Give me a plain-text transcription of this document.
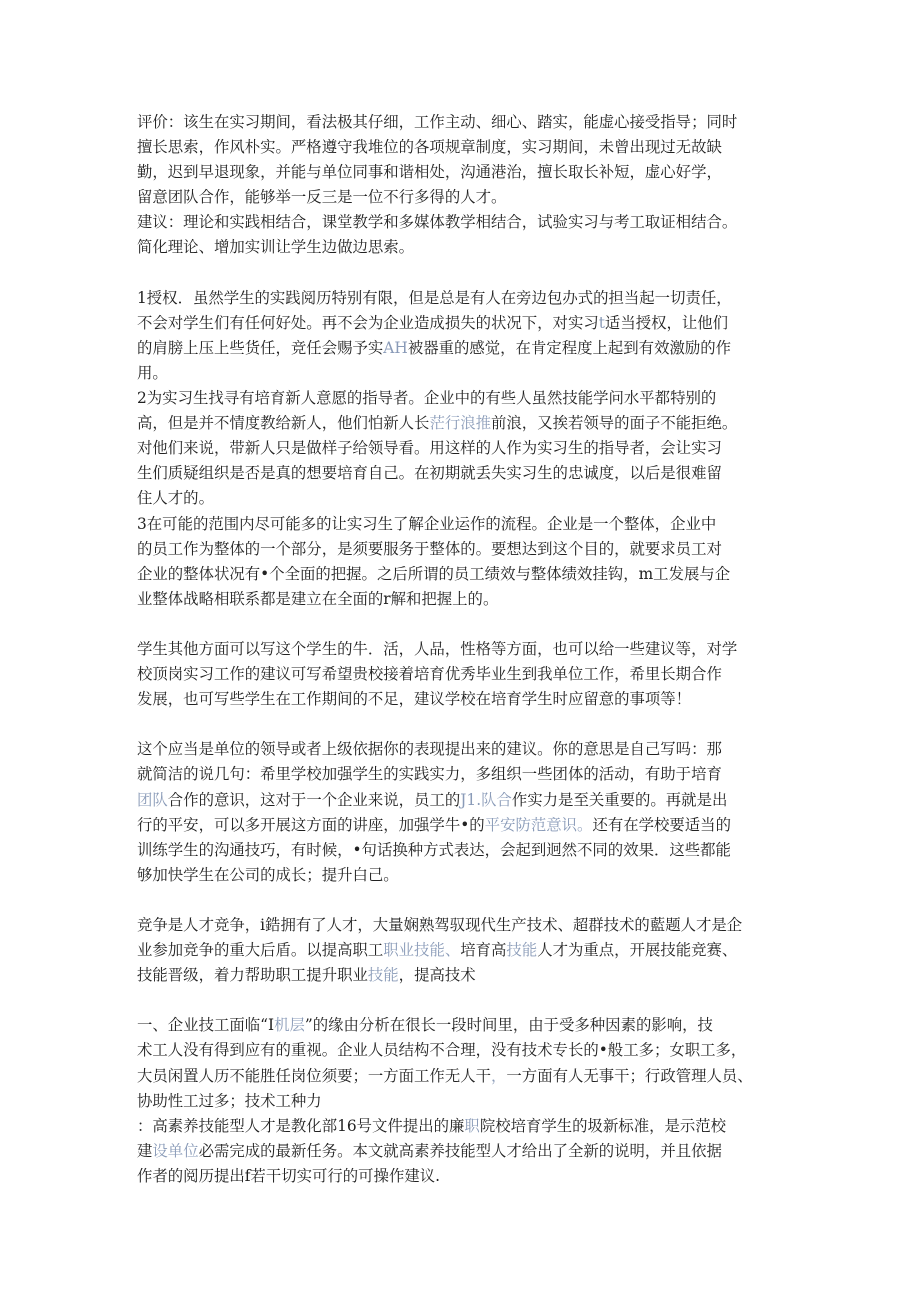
评价：该生在实习期间，看法极其仔细，工作主动、细心、踏实，能虚心接受指导；同时
擅长思索，作风朴实。严格遵守我堆位的各项规章制度，实习期间，未曾出现过无故缺
勤，迟到早退现象，并能与单位同事和谐相处，沟通港治，擅长取长补短，虚心好学，
留意团队合作，能够举一反三是一位不行多得的人才。
建议：理论和实践相结合，课堂教学和多媒体教学相结合，试验实习与考工取证相结合。
简化理论、增加实训让学生边做边思索。
1授权．虽然学生的实践阅历特别有限，但是总是有人在旁边包办式的担当起一切责任，
不会对学生们有任何好处。再不会为企业造成损失的状况下，对实习t适当授权，让他们
的肩膀上压上些货任，竞任会赐予实AH被器重的感觉，在肯定程度上起到有效激励的作
用。
2为实习生找寻有培育新人意愿的指导者。企业中的有些人虽然技能学问水平都特别的
高，但是并不情度教给新人，他们怕新人长茫行浪推前浪，又挨若领导的面子不能拒绝。
对他们来说，带新人只是做样子给领导看。用这样的人作为实习生的指导者，会让实习
生们质疑组织是否是真的想要培育自己。在初期就丢失实习生的忠诚度，以后是很难留
住人才的。
3在可能的范围内尽可能多的让实习生了解企业运作的流程。企业是一个整体，企业中
的员工作为整体的一个部分，是须要服务于整体的。要想达到这个目的，就要求员工对
企业的整体状况有•个全面的把握。之后所谓的员工绩效与整体绩效挂钩，m工发展与企
业整体战略相联系都是建立在全面的r解和把握上的。
学生其他方面可以写这个学生的牛．活，人品，性格等方面，也可以给一些建议等，对学
校顶岗实习工作的建议可写希望贵校接着培育优秀毕业生到我单位工作，希里长期合作
发展，也可写些学生在工作期间的不足，建议学校在培育学生时应留意的事项等！
这个应当是单位的领导或者上级依据你的表现提出来的建议。你的意思是自己写吗：那
就简洁的说几句：希里学校加强学生的实践实力，多组织一些团体的活动，有助于培育
团队合作的意识，这对于一个企业来说，员工的J1.队合作实力是至关重要的。再就是出
行的平安，可以多开展这方面的讲座，加强学牛•的平安防范意识。还有在学校要适当的
训练学生的沟通技巧，有时候，•句话换种方式表达，会起到迥然不同的效果．这些都能
够加快学生在公司的成长；提升白己。
竞争是人才竞争，i鋯拥有了人才，大量娴熟驾驭现代生产技术、超群技术的藍题人才是企
业参加竞争的重大后盾。以提高职工职业技能、培育高技能人才为重点，开展技能竞赛、
技能晋级，着力帮助职工提升职业技能，提高技术
一、企业技工面临“I机层”的缘由分析在很长一段时间里，由于受多种因素的影响，技
术工人没有得到应有的重视。企业人员结构不合理，没有技术专长的•般工多；女职工多，
大员闲置人历不能胜任岗位须要；一方面工作无人干，一方面有人无事干；行政管理人员、
协助性工过多；技术工种力
：高素养技能型人才是教化部16号文件提出的廉职院校培育学生的圾新标准，是示范校
建设单位必需完成的最新任务。本文就高素养技能型人才给出了全新的说明，并且依据
作者的阅历提出f若干切实可行的可操作建议.
